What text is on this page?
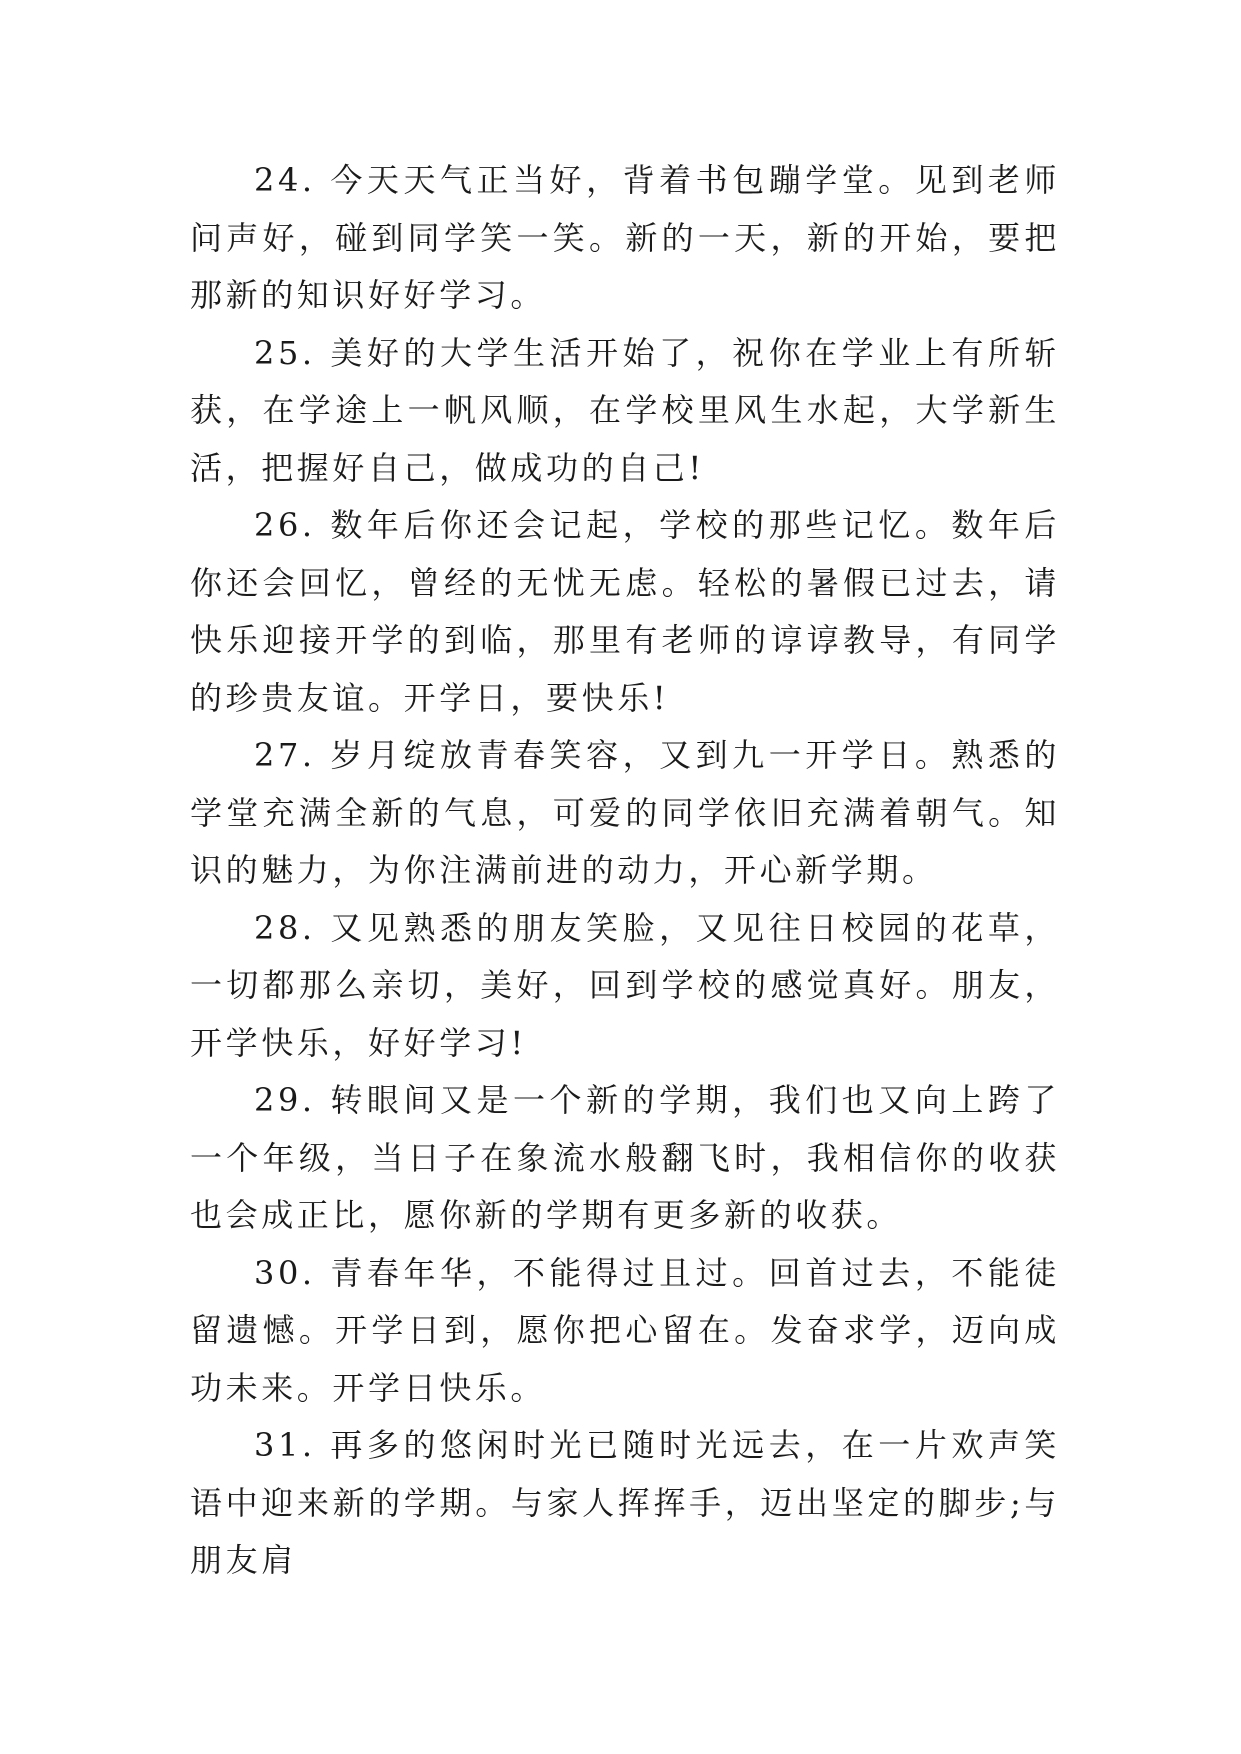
24. 今天天气正当好，背着书包蹦学堂。见到老师问声好，碰到同学笑一笑。新的一天，新的开始，要把那新的知识好好学习。

25. 美好的大学生活开始了，祝你在学业上有所斩获，在学途上一帆风顺，在学校里风生水起，大学新生活，把握好自己，做成功的自己!

26. 数年后你还会记起，学校的那些记忆。数年后你还会回忆，曾经的无忧无虑。轻松的暑假已过去，请快乐迎接开学的到临，那里有老师的谆谆教导，有同学的珍贵友谊。开学日，要快乐!

27. 岁月绽放青春笑容，又到九一开学日。熟悉的学堂充满全新的气息，可爱的同学依旧充满着朝气。知识的魅力，为你注满前进的动力，开心新学期。

28. 又见熟悉的朋友笑脸，又见往日校园的花草，一切都那么亲切，美好，回到学校的感觉真好。朋友，开学快乐，好好学习!

29. 转眼间又是一个新的学期，我们也又向上跨了一个年级，当日子在象流水般翻飞时，我相信你的收获也会成正比，愿你新的学期有更多新的收获。

30. 青春年华，不能得过且过。回首过去，不能徒留遗憾。开学日到，愿你把心留在。发奋求学，迈向成功未来。开学日快乐。

31. 再多的悠闲时光已随时光远去，在一片欢声笑语中迎来新的学期。与家人挥挥手，迈出坚定的脚步;与朋友肩
